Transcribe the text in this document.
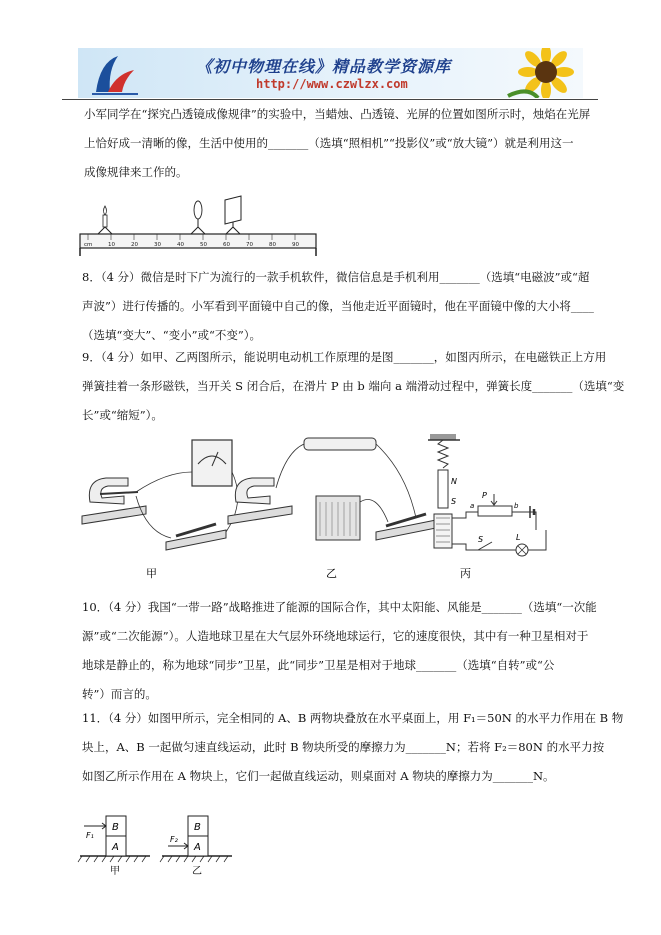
《初中物理在线》精品教学资源库
http://www.czwlzx.com
小军同学在“探究凸透镜成像规律”的实验中，当蜡烛、凸透镜、光屏的位置如图所示时，烛焰在光屏
上恰好成一清晰的像，生活中使用的_______（选填“照相机”“投影仪”或“放大镜”）就是利用这一
成像规律来工作的。
cm	10	20	30	40	50	60	70	80	90
8．（4 分）微信是时下广为流行的一款手机软件，微信信息是手机利用_______（选填“电磁波”或“超
声波”）进行传播的。小军看到平面镜中自己的像，当他走近平面镜时，他在平面镜中像的大小将____
（选填“变大”、“变小”或“不变”）。
9．（4 分）如甲、乙两图所示，能说明电动机工作原理的是图_______，如图丙所示，在电磁铁正上方用
弹簧挂着一条形磁铁，当开关 S 闭合后，在滑片 P 由 b 端向 a 端滑动过程中，弹簧长度_______（选填“变
长”或“缩短”）。
甲	乙
N
S
P
a	b
S	L
丙
10．（4 分）我国“一带一路”战略推进了能源的国际合作，其中太阳能、风能是_______（选填“一次能
源”或“二次能源”）。人造地球卫星在大气层外环绕地球运行，它的速度很快，其中有一种卫星相对于
地球是静止的，称为地球“同步”卫星，此“同步”卫星是相对于地球_______（选填“自转”或“公
转”）而言的。
11．（4 分）如图甲所示，完全相同的 A、B 两物块叠放在水平桌面上，用 F₁＝50N 的水平力作用在 B 物
块上，A、B 一起做匀速直线运动，此时 B 物块所受的摩擦力为_______N；若将 F₂＝80N 的水平力按
如图乙所示作用在 A 物块上，它们一起做直线运动，则桌面对 A 物块的摩擦力为_______N。
B
A
F₁
甲
B
A
F₂
乙
